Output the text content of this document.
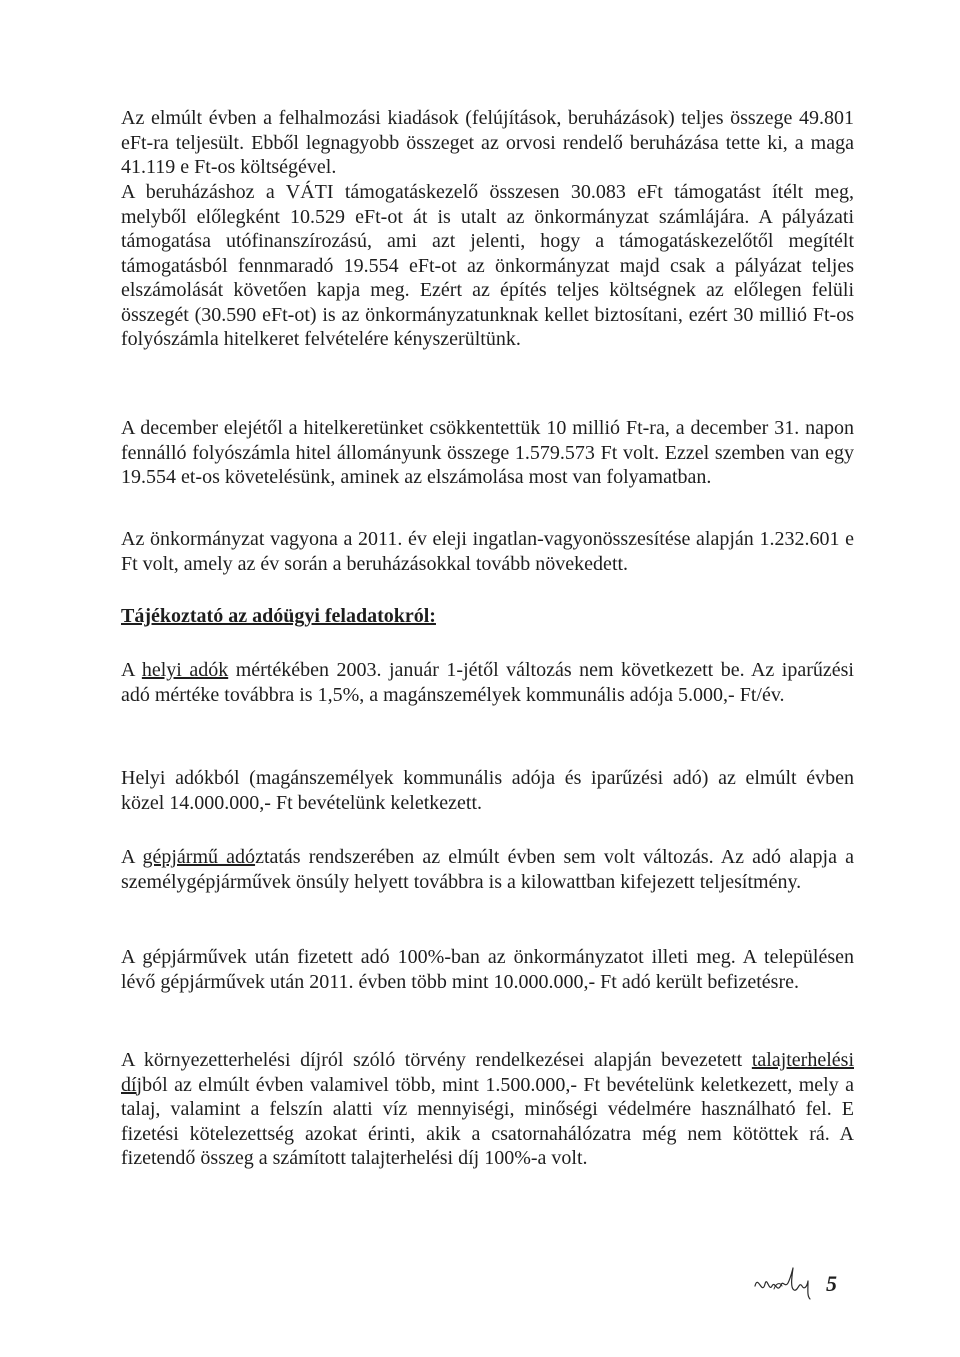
Az elmúlt évben a felhalmozási kiadások (felújítások, beruházások) teljes összege 49.801 eFt-ra teljesült. Ebből legnagyobb összeget az orvosi rendelő beruházása tette ki, a maga 41.119 e Ft-os költségével.

A beruházáshoz a VÁTI támogatáskezelő összesen 30.083 eFt támogatást ítélt meg, melyből előlegként 10.529 eFt-ot át is utalt az önkormányzat számlájára. A pályázati támogatása utófinanszírozású, ami azt jelenti, hogy a támogatáskezelőtől megítélt támogatásból fennmaradó 19.554 eFt-ot az önkormányzat majd csak a pályázat teljes elszámolását követően kapja meg. Ezért az építés teljes költségnek az előlegen felüli összegét (30.590 eFt-ot) is az önkormányzatunknak kellet biztosítani, ezért 30 millió Ft-os folyószámla hitelkeret felvételére kényszerültünk.

A december elejétől a hitelkeretünket csökkentettük 10 millió Ft-ra, a december 31. napon fennálló folyószámla hitel állományunk összege 1.579.573 Ft volt. Ezzel szemben van egy 19.554 et-os követelésünk, aminek az elszámolása most van folyamatban.

Az önkormányzat vagyona a 2011. év eleji ingatlan-vagyonösszesítése alapján 1.232.601 e Ft volt, amely az év során a beruházásokkal tovább növekedett.

Tájékoztató az adóügyi feladatokról:

A helyi adók mértékében 2003. január 1-jétől változás nem következett be. Az iparűzési adó mértéke továbbra is 1,5%, a magánszemélyek kommunális adója 5.000,- Ft/év.

Helyi adókból (magánszemélyek kommunális adója és iparűzési adó) az elmúlt évben közel 14.000.000,- Ft bevételünk keletkezett.

A gépjármű adóztatás rendszerében az elmúlt évben sem volt változás. Az adó alapja a személygépjárművek önsúly helyett továbbra is a kilowattban kifejezett teljesítmény.

A gépjárművek után fizetett adó 100%-ban az önkormányzatot illeti meg. A településen lévő gépjárművek után 2011. évben több mint 10.000.000,- Ft adó került befizetésre.

A környezetterhelési díjról szóló törvény rendelkezései alapján bevezetett talajterhelési díjból az elmúlt évben valamivel több, mint 1.500.000,- Ft bevételünk keletkezett, mely a talaj, valamint a felszín alatti víz mennyiségi, minőségi védelmére használható fel. E fizetési kötelezettség azokat érinti, akik a csatornahálózatra még nem kötöttek rá. A fizetendő összeg a számított talajterhelési díj 100%-a volt.

5
